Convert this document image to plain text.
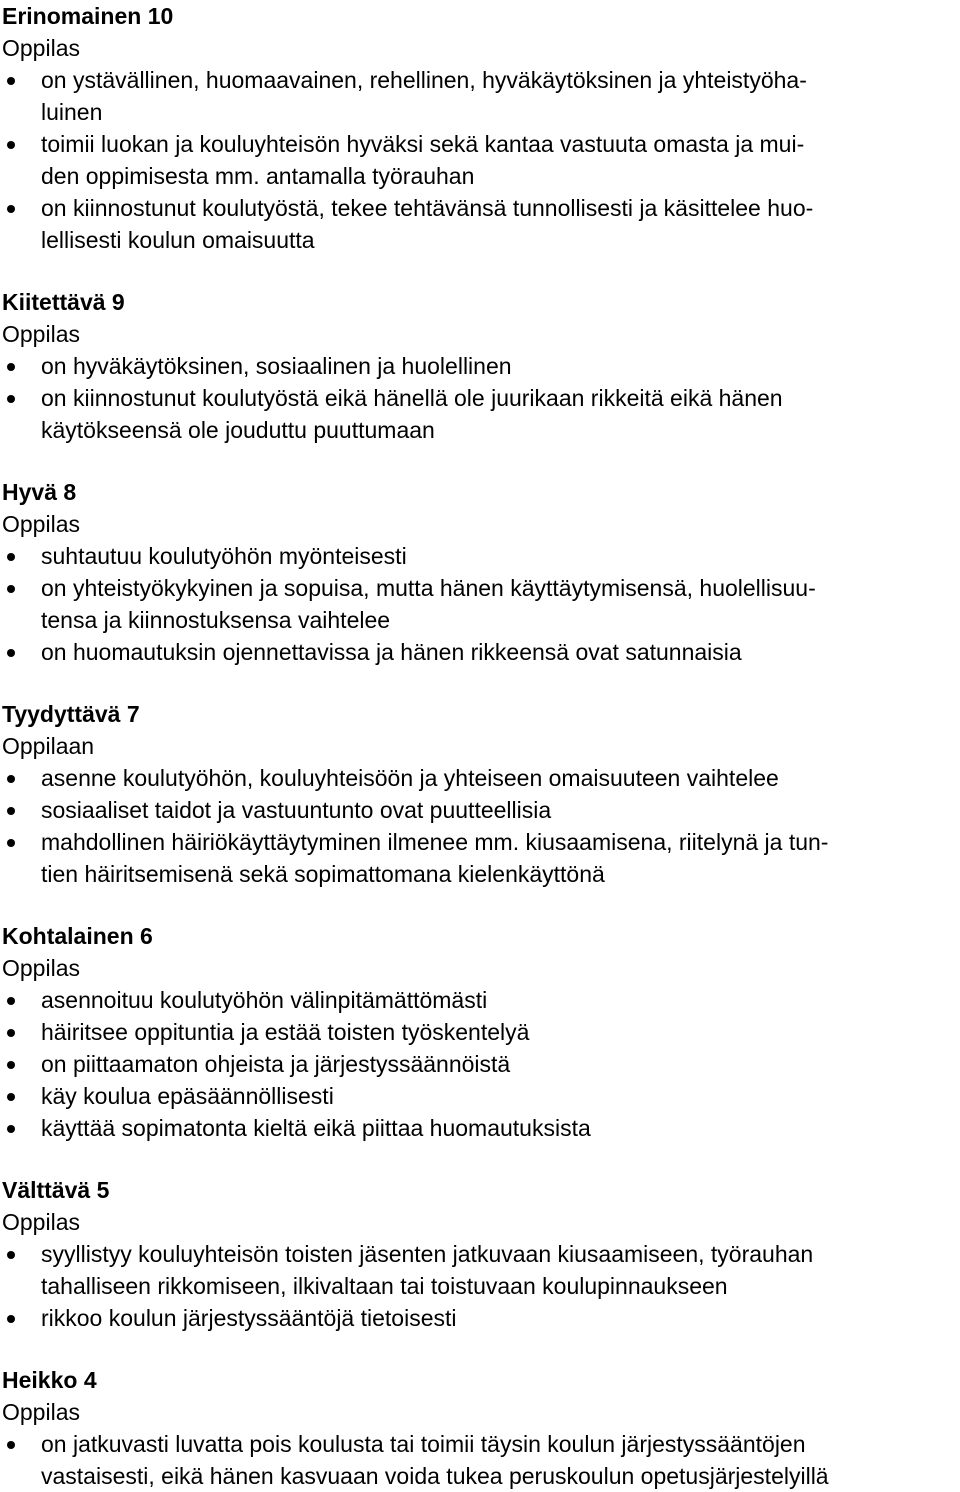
Erinomainen 10
Oppilas
on ystävällinen, huomaavainen, rehellinen, hyväkäytöksinen ja yhteistyöha-
luinen
toimii luokan ja kouluyhteisön hyväksi sekä kantaa vastuuta omasta ja mui-
den oppimisesta mm. antamalla työrauhan
on kiinnostunut koulutyöstä, tekee tehtävänsä tunnollisesti ja käsittelee huo-
lellisesti koulun omaisuutta
Kiitettävä 9
Oppilas
on hyväkäytöksinen, sosiaalinen ja huolellinen
on kiinnostunut koulutyöstä eikä hänellä ole juurikaan rikkeitä eikä hänen
käytökseensä ole jouduttu puuttumaan
Hyvä 8
Oppilas
suhtautuu koulutyöhön myönteisesti
on yhteistyökykyinen ja sopuisa, mutta hänen käyttäytymisensä, huolellisuu-
tensa ja kiinnostuksensa vaihtelee
on huomautuksin ojennettavissa ja hänen rikkeensä ovat satunnaisia
Tyydyttävä 7
Oppilaan
asenne koulutyöhön, kouluyhteisöön ja yhteiseen omaisuuteen vaihtelee
sosiaaliset taidot ja vastuuntunto ovat puutteellisia
mahdollinen häiriökäyttäytyminen ilmenee mm. kiusaamisena, riitelynä ja tun-
tien häiritsemisenä sekä sopimattomana kielenkäyttönä
Kohtalainen 6
Oppilas
asennoituu koulutyöhön välinpitämättömästi
häiritsee oppituntia ja estää toisten työskentelyä
on piittaamaton ohjeista ja järjestyssäännöistä
käy koulua epäsäännöllisesti
käyttää sopimatonta kieltä eikä piittaa huomautuksista
Välttävä 5
Oppilas
syyllistyy kouluyhteisön toisten jäsenten jatkuvaan kiusaamiseen, työrauhan
tahalliseen rikkomiseen, ilkivaltaan tai toistuvaan koulupinnaukseen
rikkoo koulun järjestyssääntöjä tietoisesti
Heikko 4
Oppilas
on jatkuvasti luvatta pois koulusta tai toimii täysin koulun järjestyssääntöjen
vastaisesti, eikä hänen kasvuaan voida tukea peruskoulun opetusjärjestelyillä
